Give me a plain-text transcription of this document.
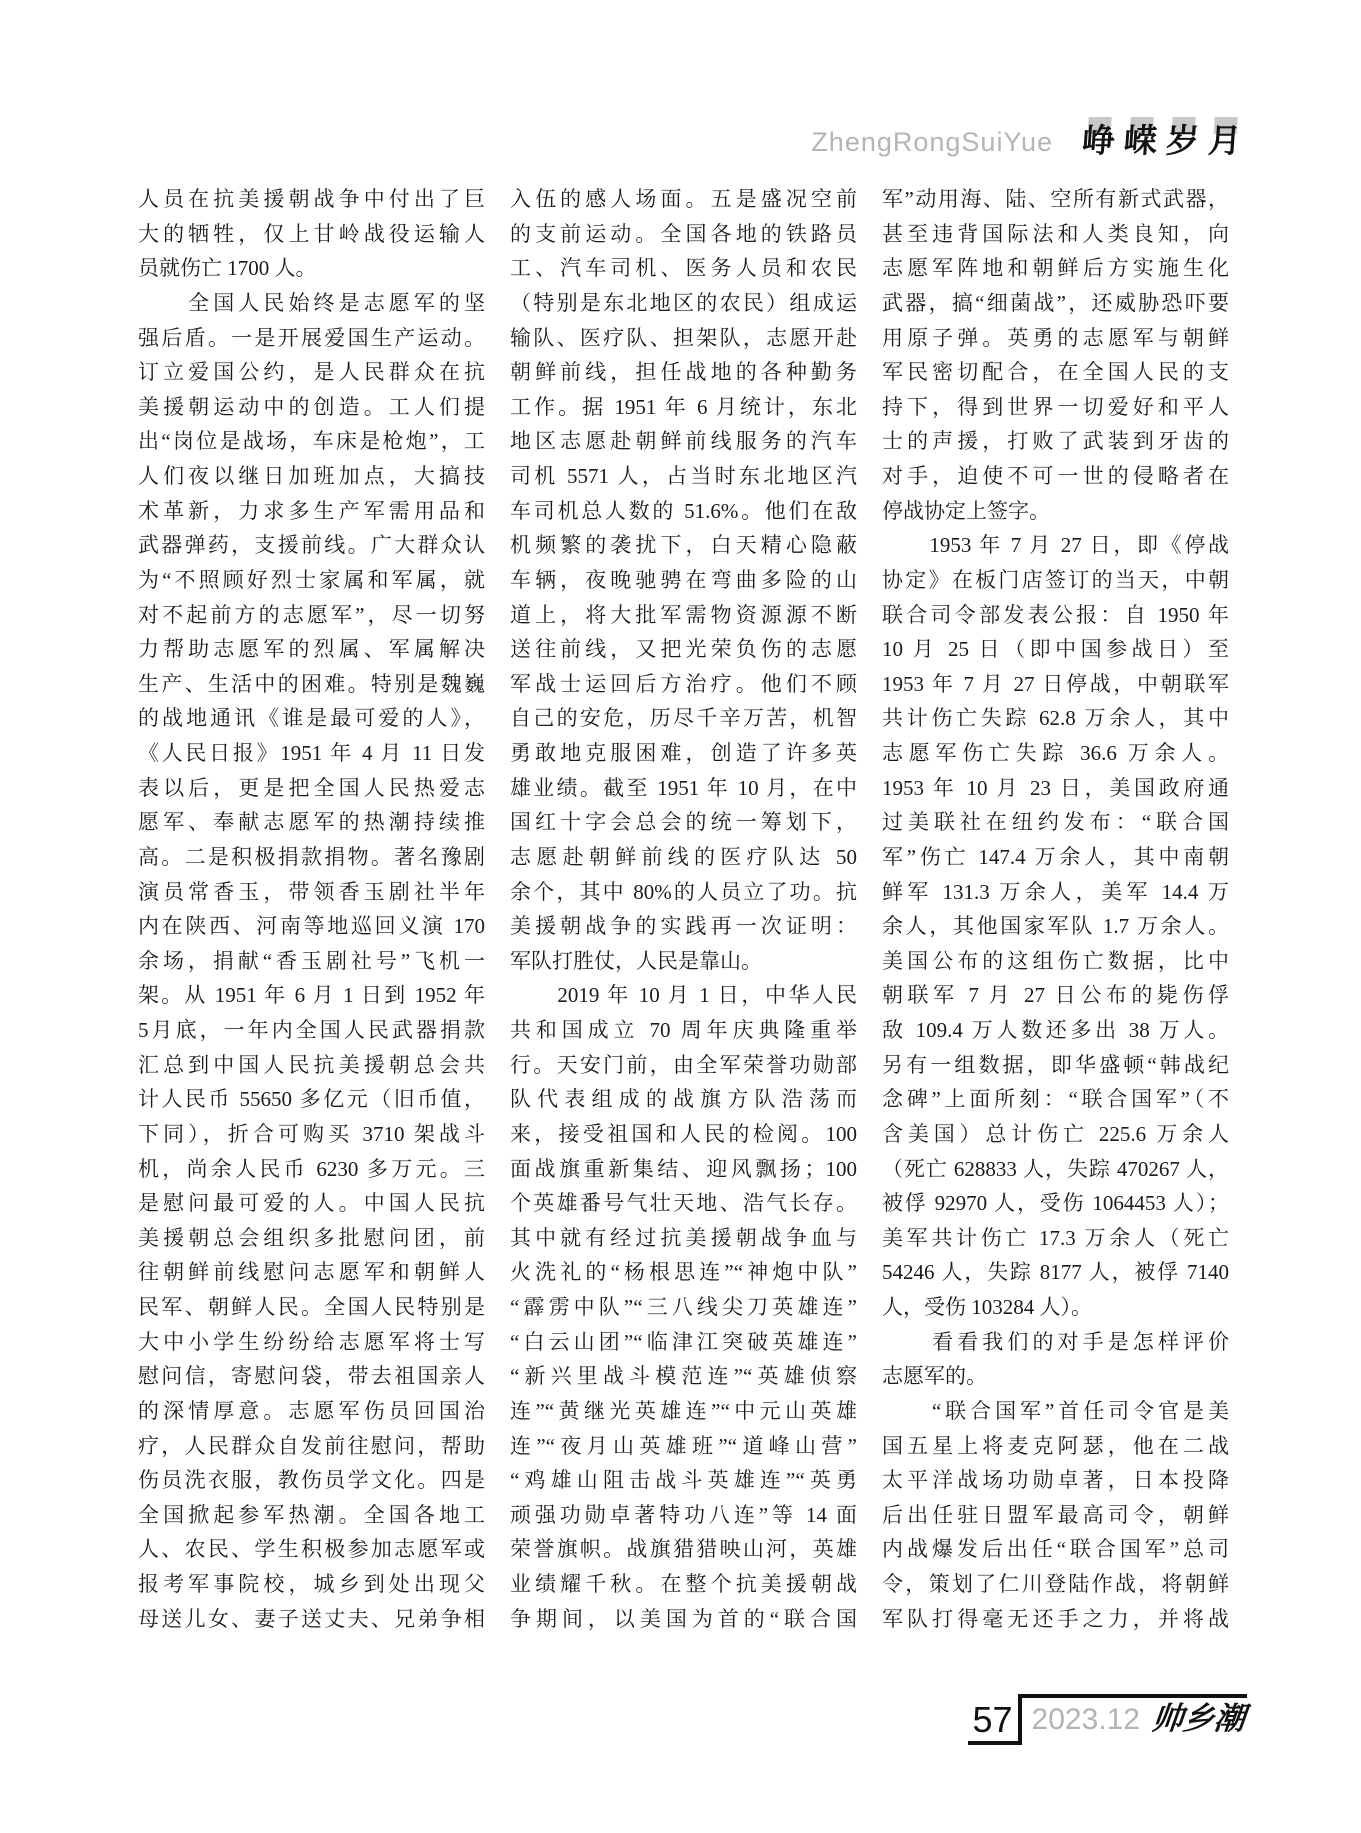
ZhengRongSuiYue 峥 嵘 岁 月
人员在抗美援朝战争中付出了巨
大的牺牲，仅上甘岭战役运输人
员就伤亡 1700 人。
　　全国人民始终是志愿军的坚
强后盾。一是开展爱国生产运动。
订立爱国公约，是人民群众在抗
美援朝运动中的创造。工人们提
出“岗位是战场，车床是枪炮”，工
人们夜以继日加班加点，大搞技
术革新，力求多生产军需用品和
武器弹药，支援前线。广大群众认
为“不照顾好烈士家属和军属，就
对不起前方的志愿军”，尽一切努
力帮助志愿军的烈属、军属解决
生产、生活中的困难。特别是魏巍
的战地通讯《谁是最可爱的人》，
《人民日报》1951 年 4 月 11 日发
表以后，更是把全国人民热爱志
愿军、奉献志愿军的热潮持续推
高。二是积极捐款捐物。著名豫剧
演员常香玉，带领香玉剧社半年
内在陕西、河南等地巡回义演 170
余场，捐献“香玉剧社号”飞机一
架。从 1951 年 6 月 1 日到 1952 年
5月底，一年内全国人民武器捐款
汇总到中国人民抗美援朝总会共
计人民币 55650 多亿元（旧币值，
下同），折合可购买 3710 架战斗
机，尚余人民币 6230 多万元。三
是慰问最可爱的人。中国人民抗
美援朝总会组织多批慰问团，前
往朝鲜前线慰问志愿军和朝鲜人
民军、朝鲜人民。全国人民特别是
大中小学生纷纷给志愿军将士写
慰问信，寄慰问袋，带去祖国亲人
的深情厚意。志愿军伤员回国治
疗，人民群众自发前往慰问，帮助
伤员洗衣服，教伤员学文化。四是
全国掀起参军热潮。全国各地工
人、农民、学生积极参加志愿军或
报考军事院校，城乡到处出现父
母送儿女、妻子送丈夫、兄弟争相
入伍的感人场面。五是盛况空前
的支前运动。全国各地的铁路员
工、汽车司机、医务人员和农民
（特别是东北地区的农民）组成运
输队、医疗队、担架队，志愿开赴
朝鲜前线，担任战地的各种勤务
工作。据 1951 年 6 月统计，东北
地区志愿赴朝鲜前线服务的汽车
司机 5571 人，占当时东北地区汽
车司机总人数的 51.6%。他们在敌
机频繁的袭扰下，白天精心隐蔽
车辆，夜晚驰骋在弯曲多险的山
道上，将大批军需物资源源不断
送往前线，又把光荣负伤的志愿
军战士运回后方治疗。他们不顾
自己的安危，历尽千辛万苦，机智
勇敢地克服困难，创造了许多英
雄业绩。截至 1951 年 10 月，在中
国红十字会总会的统一筹划下，
志愿赴朝鲜前线的医疗队达 50
余个，其中 80%的人员立了功。抗
美援朝战争的实践再一次证明：
军队打胜仗，人民是靠山。
　　2019 年 10 月 1 日，中华人民
共和国成立 70 周年庆典隆重举
行。天安门前，由全军荣誉功勋部
队代表组成的战旗方队浩荡而
来，接受祖国和人民的检阅。100
面战旗重新集结、迎风飘扬；100
个英雄番号气壮天地、浩气长存。
其中就有经过抗美援朝战争血与
火洗礼的“杨根思连”“神炮中队”
“霹雳中队”“三八线尖刀英雄连”
“白云山团”“临津江突破英雄连”
“新兴里战斗模范连”“英雄侦察
连”“黄继光英雄连”“中元山英雄
连”“夜月山英雄班”“道峰山营”
“鸡雄山阻击战斗英雄连”“英勇
顽强功勋卓著特功八连”等 14 面
荣誉旗帜。战旗猎猎映山河，英雄
业绩耀千秋。在整个抗美援朝战
争期间，以美国为首的“联合国
军”动用海、陆、空所有新式武器，
甚至违背国际法和人类良知，向
志愿军阵地和朝鲜后方实施生化
武器，搞“细菌战”，还威胁恐吓要
用原子弹。英勇的志愿军与朝鲜
军民密切配合，在全国人民的支
持下，得到世界一切爱好和平人
士的声援，打败了武装到牙齿的
对手，迫使不可一世的侵略者在
停战协定上签字。
　　1953 年 7 月 27 日，即《停战
协定》在板门店签订的当天，中朝
联合司令部发表公报：自 1950 年
10 月 25 日（即中国参战日）至
1953 年 7 月 27 日停战，中朝联军
共计伤亡失踪 62.8 万余人，其中
志愿军伤亡失踪 36.6 万余人。
1953 年 10 月 23 日，美国政府通
过美联社在纽约发布：“联合国
军”伤亡 147.4 万余人，其中南朝
鲜军 131.3 万余人，美军 14.4 万
余人，其他国家军队 1.7 万余人。
美国公布的这组伤亡数据，比中
朝联军 7 月 27 日公布的毙伤俘
敌 109.4 万人数还多出 38 万人。
另有一组数据，即华盛顿“韩战纪
念碑”上面所刻：“联合国军”（不
含美国）总计伤亡 225.6 万余人
（死亡 628833 人，失踪 470267 人，
被俘 92970 人，受伤 1064453 人）；
美军共计伤亡 17.3 万余人（死亡
54246 人，失踪 8177 人，被俘 7140
人，受伤 103284 人）。
　　看看我们的对手是怎样评价
志愿军的。
　　“联合国军”首任司令官是美
国五星上将麦克阿瑟，他在二战
太平洋战场功勋卓著，日本投降
后出任驻日盟军最高司令，朝鲜
内战爆发后出任“联合国军”总司
令，策划了仁川登陆作战，将朝鲜
军队打得毫无还手之力，并将战
57 2023.12 帅乡潮
